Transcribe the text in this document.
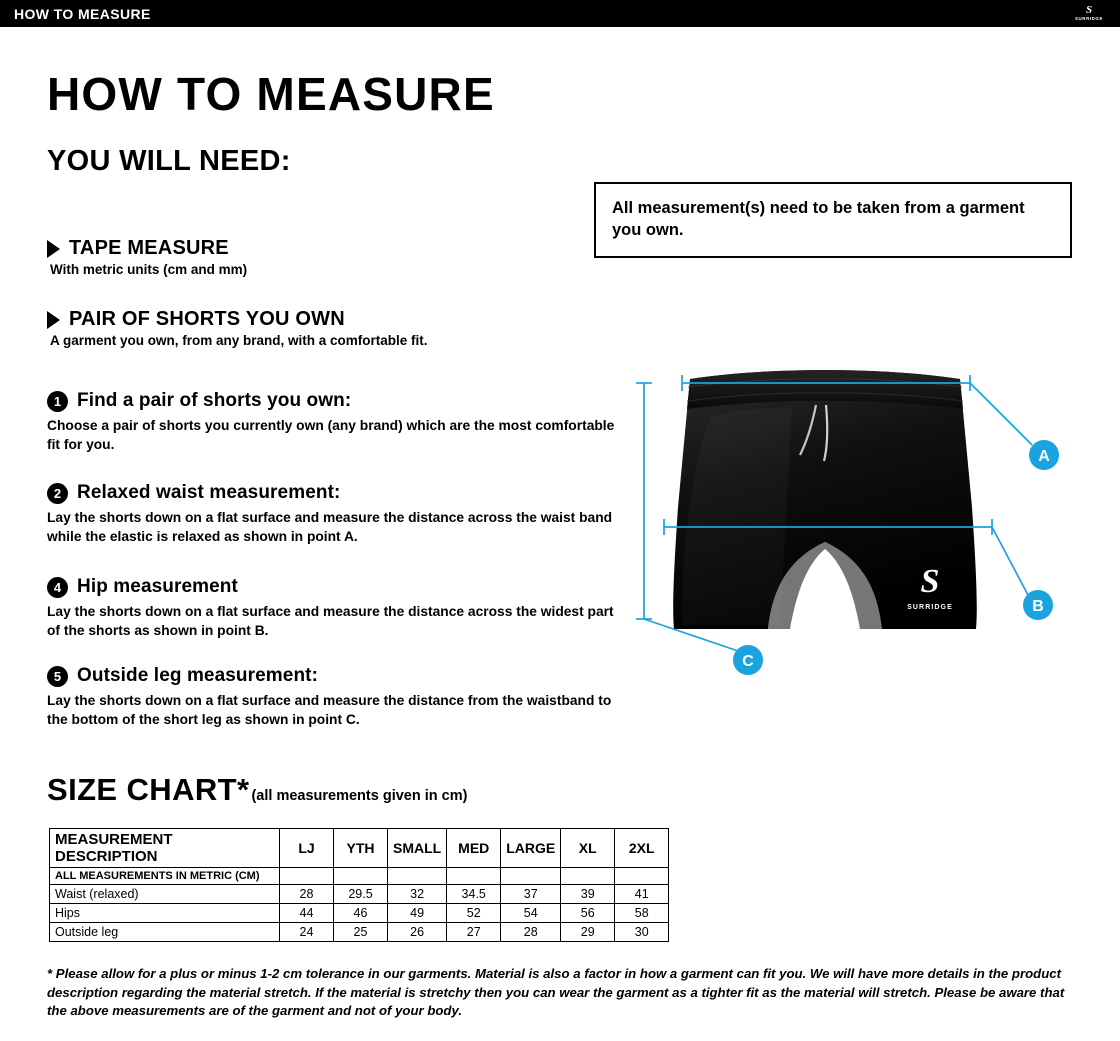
HOW TO MEASURE	S
SURRIDGE
HOW TO MEASURE
YOU WILL NEED:
TAPE MEASURE
With metric units (cm and mm)
PAIR OF SHORTS YOU OWN
A garment you own, from any brand, with a comfortable fit.
All measurement(s) need to be taken from a garment you own.
1 Find a pair of shorts you own:
Choose a pair of shorts you currently own (any brand) which are the most comfortable fit for you.
2 Relaxed waist measurement:
Lay the shorts down on a flat surface and measure the distance across the waist band while the elastic is relaxed as shown in point A.
4 Hip measurement
Lay the shorts down on a flat surface and measure the distance across the widest part of the shorts as shown in point B.
5 Outside leg measurement:
Lay the shorts down on a flat surface and measure the distance from the waistband to the bottom of the short leg as shown in point C.
S
SURRIDGE
A
B
C
SIZE CHART* (all measurements given in cm)
MEASUREMENT DESCRIPTION	LJ	YTH	SMALL	MED	LARGE	XL	2XL
ALL MEASUREMENTS IN METRIC (CM)							
Waist (relaxed)	28	29.5	32	34.5	37	39	41
Hips	44	46	49	52	54	56	58
Outside leg	24	25	26	27	28	29	30
* Please allow for a plus or minus 1-2 cm tolerance in our garments. Material is also a factor in how a garment can fit you. We will have more details in the product description regarding the material stretch. If the material is stretchy then you can wear the garment as a tighter fit as the material will stretch. Please be aware that the above measurements are of the garment and not of your body.
